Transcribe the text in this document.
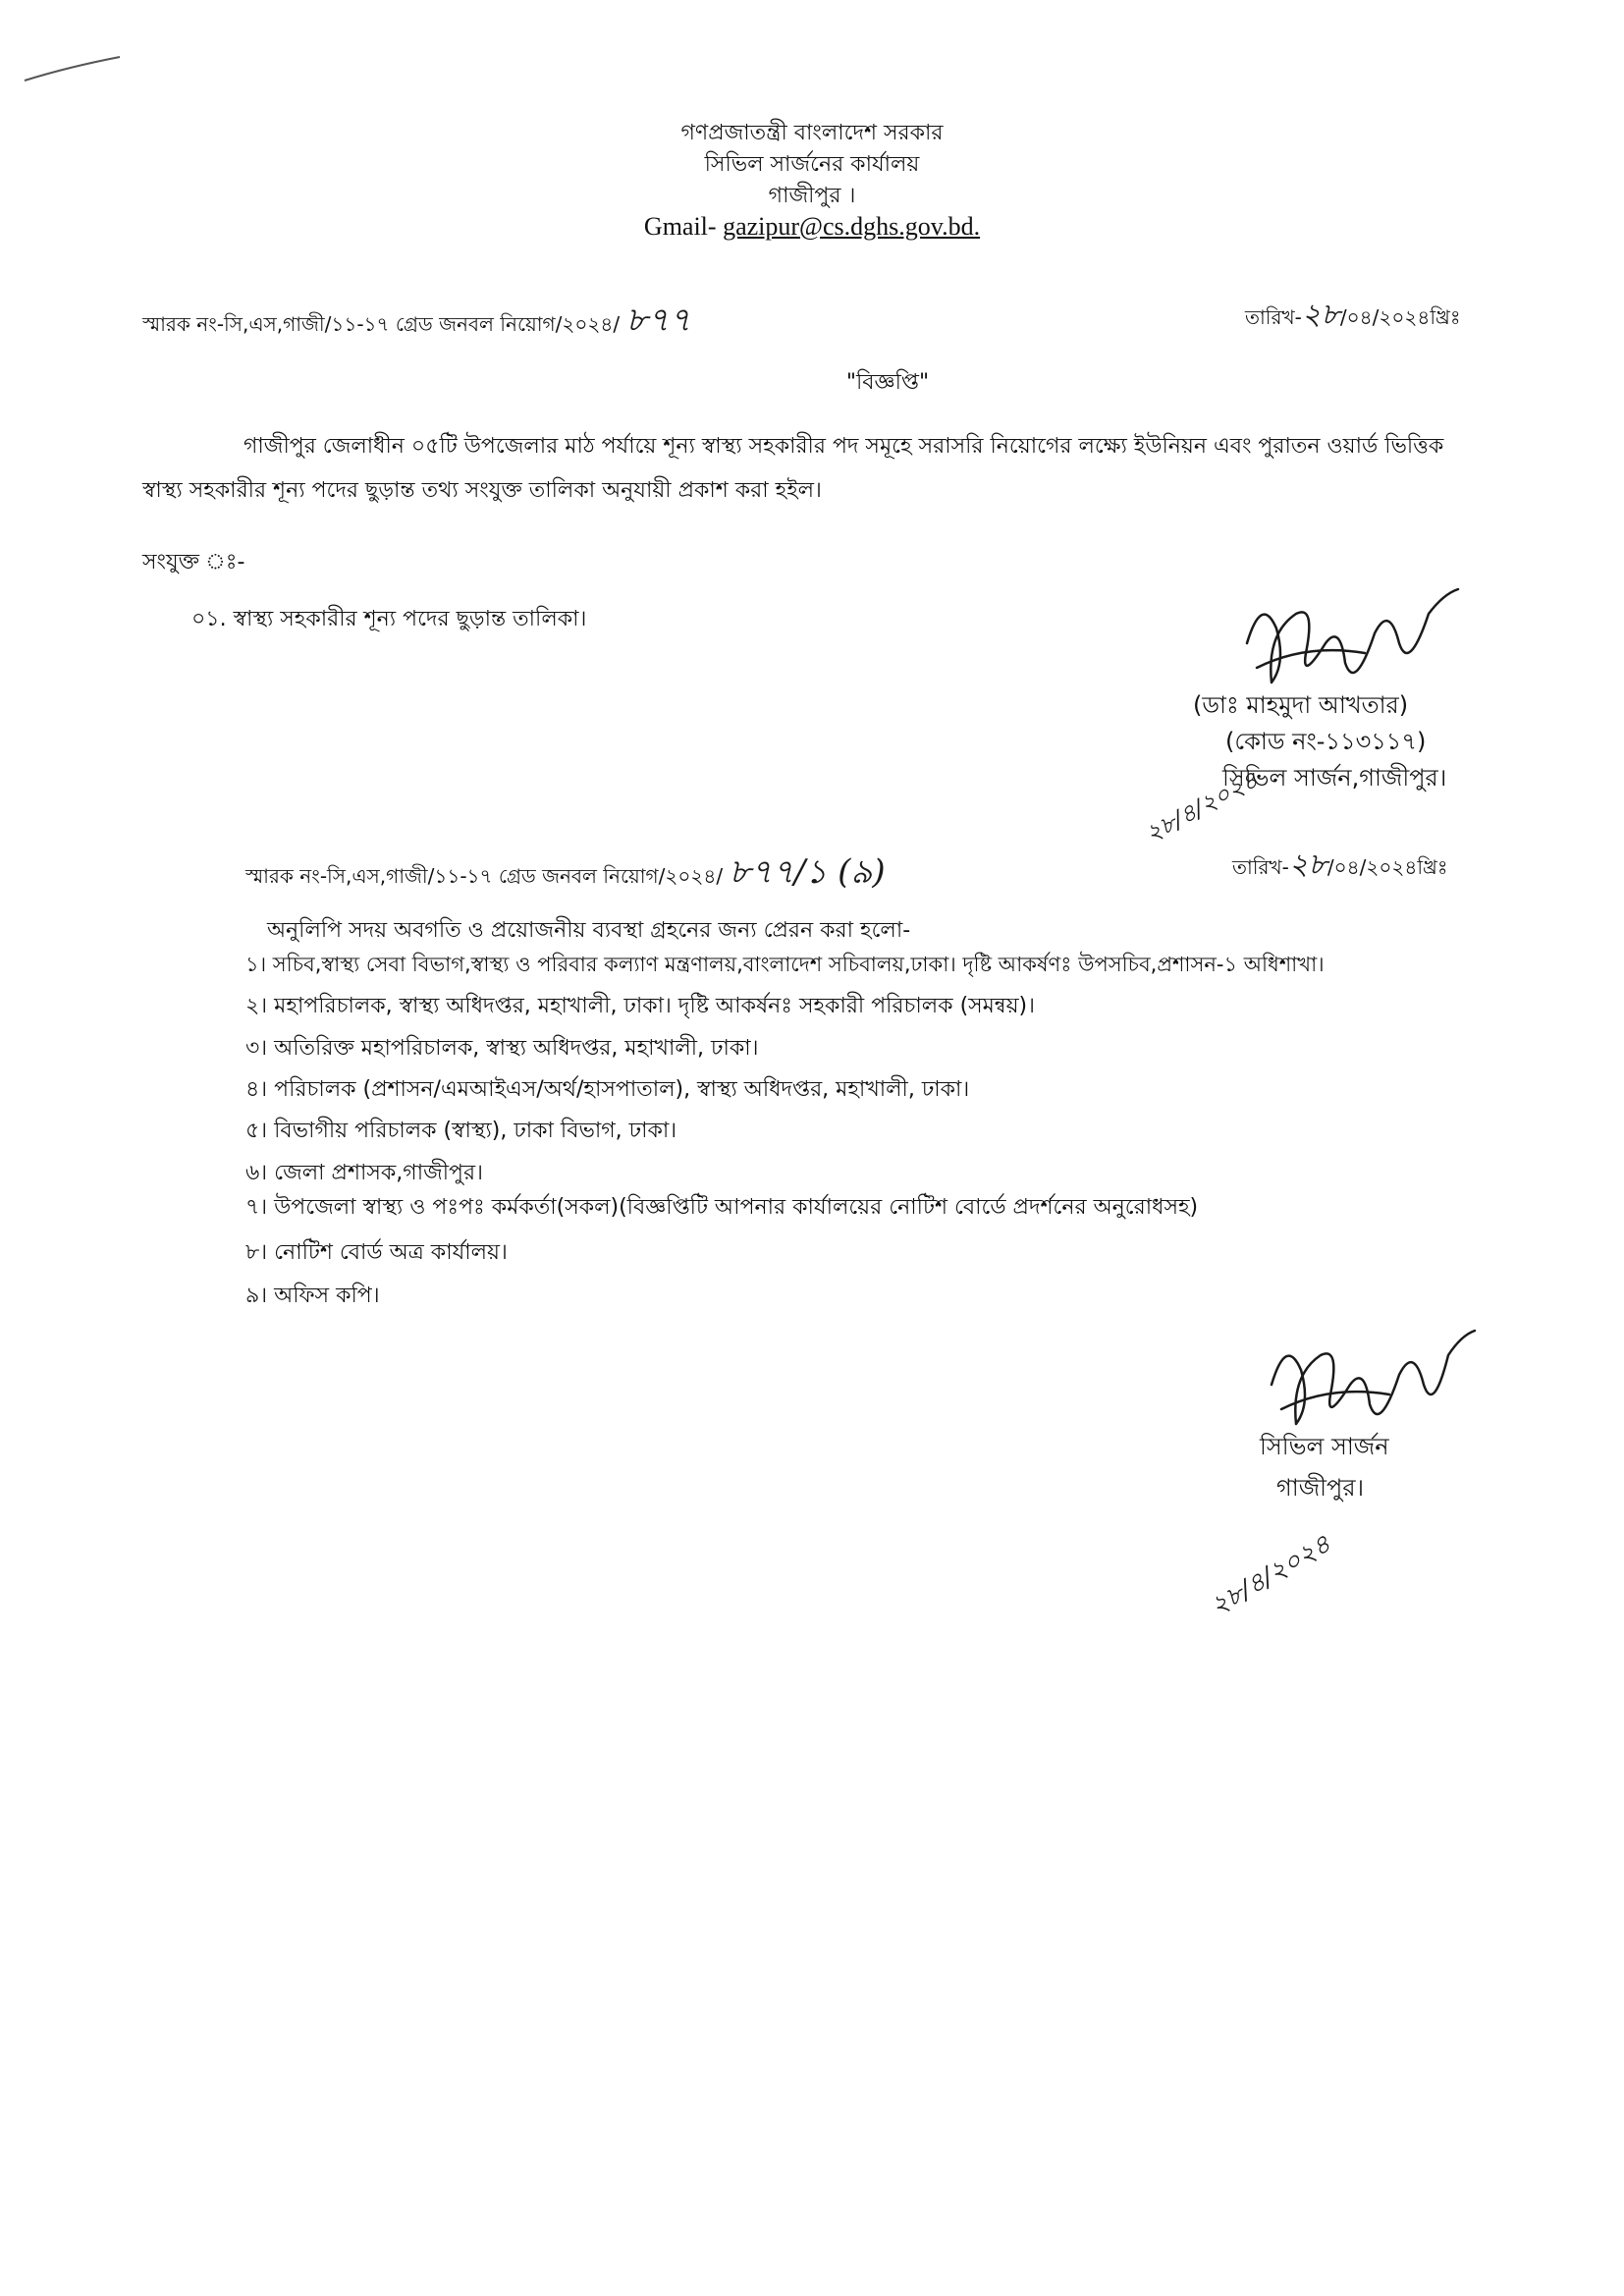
গণপ্রজাতন্ত্রী বাংলাদেশ সরকার
সিভিল সার্জনের কার্যালয়
গাজীপুর ।
Gmail- gazipur@cs.dghs.gov.bd.
স্মারক নং-সি,এস,গাজী/১১-১৭ গ্রেড জনবল নিয়োগ/২০২৪/ ৮৭৭	তারিখ-২৮/০৪/২০২৪খ্রিঃ
"বিজ্ঞপ্তি"
গাজীপুর জেলাধীন ০৫টি উপজেলার মাঠ পর্যায়ে শূন্য স্বাস্থ্য সহকারীর পদ সমূহে সরাসরি নিয়োগের লক্ষ্যে ইউনিয়ন এবং পুরাতন ওয়ার্ড ভিত্তিক
স্বাস্থ্য সহকারীর শূন্য পদের ছুড়ান্ত তথ্য সংযুক্ত তালিকা অনুযায়ী প্রকাশ করা হইল।
সংযুক্ত ঃ-
০১. স্বাস্থ্য সহকারীর শূন্য পদের ছুড়ান্ত তালিকা।
(ডাঃ মাহমুদা আখতার)
(কোড নং-১১৩১১৭)
সিভিল সার্জন,গাজীপুর।
স্মারক নং-সি,এস,গাজী/১১-১৭ গ্রেড জনবল নিয়োগ/২০২৪/ ৮৭৭/১ (৯)
২৮/৪/২০২৪
তারিখ-২৮/০৪/২০২৪খ্রিঃ
অনুলিপি সদয় অবগতি ও প্রয়োজনীয় ব্যবস্থা গ্রহনের জন্য প্রেরন করা হলো-
১। সচিব,স্বাস্থ্য সেবা বিভাগ,স্বাস্থ্য ও পরিবার কল্যাণ মন্ত্রণালয়,বাংলাদেশ সচিবালয়,ঢাকা। দৃষ্টি আকর্ষণঃ উপসচিব,প্রশাসন-১ অধিশাখা।
২। মহাপরিচালক, স্বাস্থ্য অধিদপ্তর, মহাখালী, ঢাকা। দৃষ্টি আকর্ষনঃ সহকারী পরিচালক (সমন্বয়)।
৩। অতিরিক্ত মহাপরিচালক, স্বাস্থ্য অধিদপ্তর, মহাখালী, ঢাকা।
৪। পরিচালক (প্রশাসন/এমআইএস/অর্থ/হাসপাতাল), স্বাস্থ্য অধিদপ্তর, মহাখালী, ঢাকা।
৫। বিভাগীয় পরিচালক (স্বাস্থ্য), ঢাকা বিভাগ, ঢাকা।
৬। জেলা প্রশাসক,গাজীপুর।
৭। উপজেলা স্বাস্থ্য ও পঃপঃ কর্মকর্তা(সকল)(বিজ্ঞপ্তিটি আপনার কার্যালয়ের নোটিশ বোর্ডে প্রদর্শনের অনুরোধসহ)
৮। নোটিশ বোর্ড অত্র কার্যালয়।
৯। অফিস কপি।
সিভিল সার্জন
গাজীপুর।
২৮/৪/২০২৪
